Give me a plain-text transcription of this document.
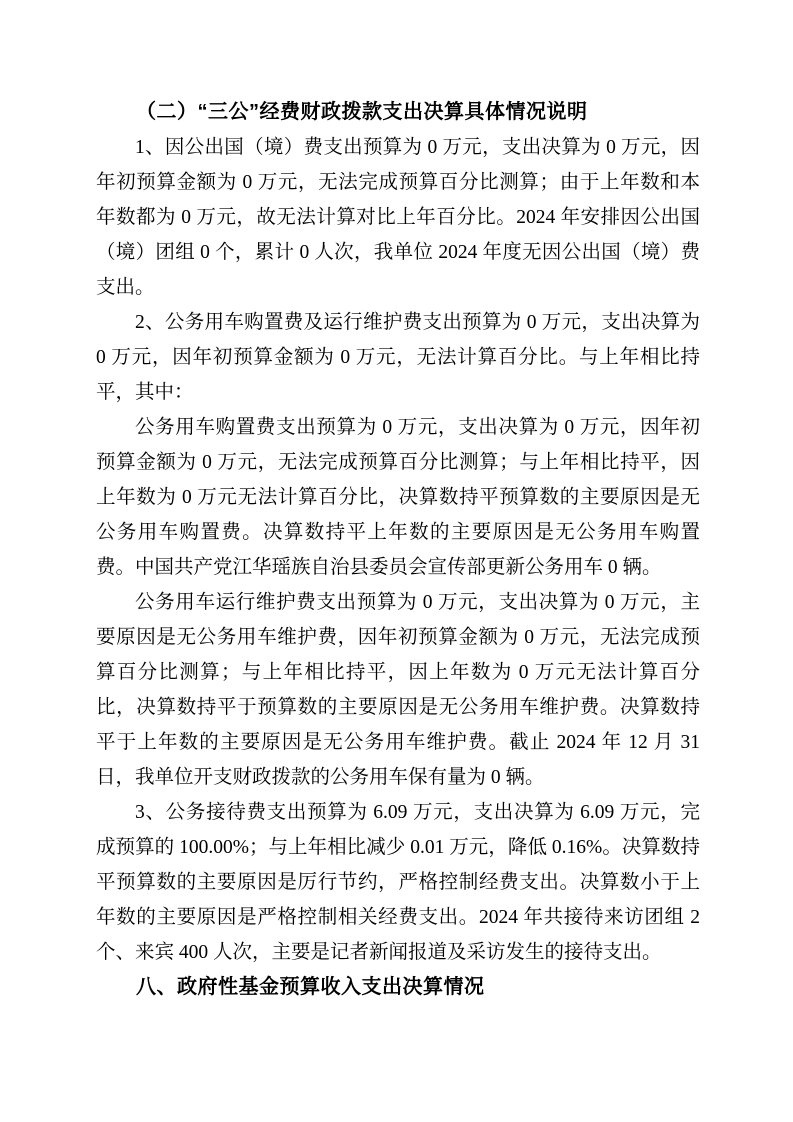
（二）“三公”经费财政拨款支出决算具体情况说明

1、因公出国（境）费支出预算为 0 万元，支出决算为 0 万元，因年初预算金额为 0 万元，无法完成预算百分比测算；由于上年数和本年数都为 0 万元，故无法计算对比上年百分比。2024 年安排因公出国（境）团组 0 个，累计 0 人次，我单位 2024 年度无因公出国（境）费支出。

2、公务用车购置费及运行维护费支出预算为 0 万元，支出决算为 0 万元，因年初预算金额为 0 万元，无法计算百分比。与上年相比持平，其中：

公务用车购置费支出预算为 0 万元，支出决算为 0 万元，因年初预算金额为 0 万元，无法完成预算百分比测算；与上年相比持平，因上年数为 0 万元无法计算百分比，决算数持平预算数的主要原因是无公务用车购置费。决算数持平上年数的主要原因是无公务用车购置费。中国共产党江华瑶族自治县委员会宣传部更新公务用车 0 辆。

公务用车运行维护费支出预算为 0 万元，支出决算为 0 万元，主要原因是无公务用车维护费，因年初预算金额为 0 万元，无法完成预算百分比测算；与上年相比持平，因上年数为 0 万元无法计算百分比，决算数持平于预算数的主要原因是无公务用车维护费。决算数持平于上年数的主要原因是无公务用车维护费。截止 2024 年 12 月 31 日，我单位开支财政拨款的公务用车保有量为 0 辆。

3、公务接待费支出预算为 6.09 万元，支出决算为 6.09 万元，完成预算的 100.00%；与上年相比减少 0.01 万元，降低 0.16%。决算数持平预算数的主要原因是厉行节约，严格控制经费支出。决算数小于上年数的主要原因是严格控制相关经费支出。2024 年共接待来访团组 2 个、来宾 400 人次，主要是记者新闻报道及采访发生的接待支出。

八、政府性基金预算收入支出决算情况
